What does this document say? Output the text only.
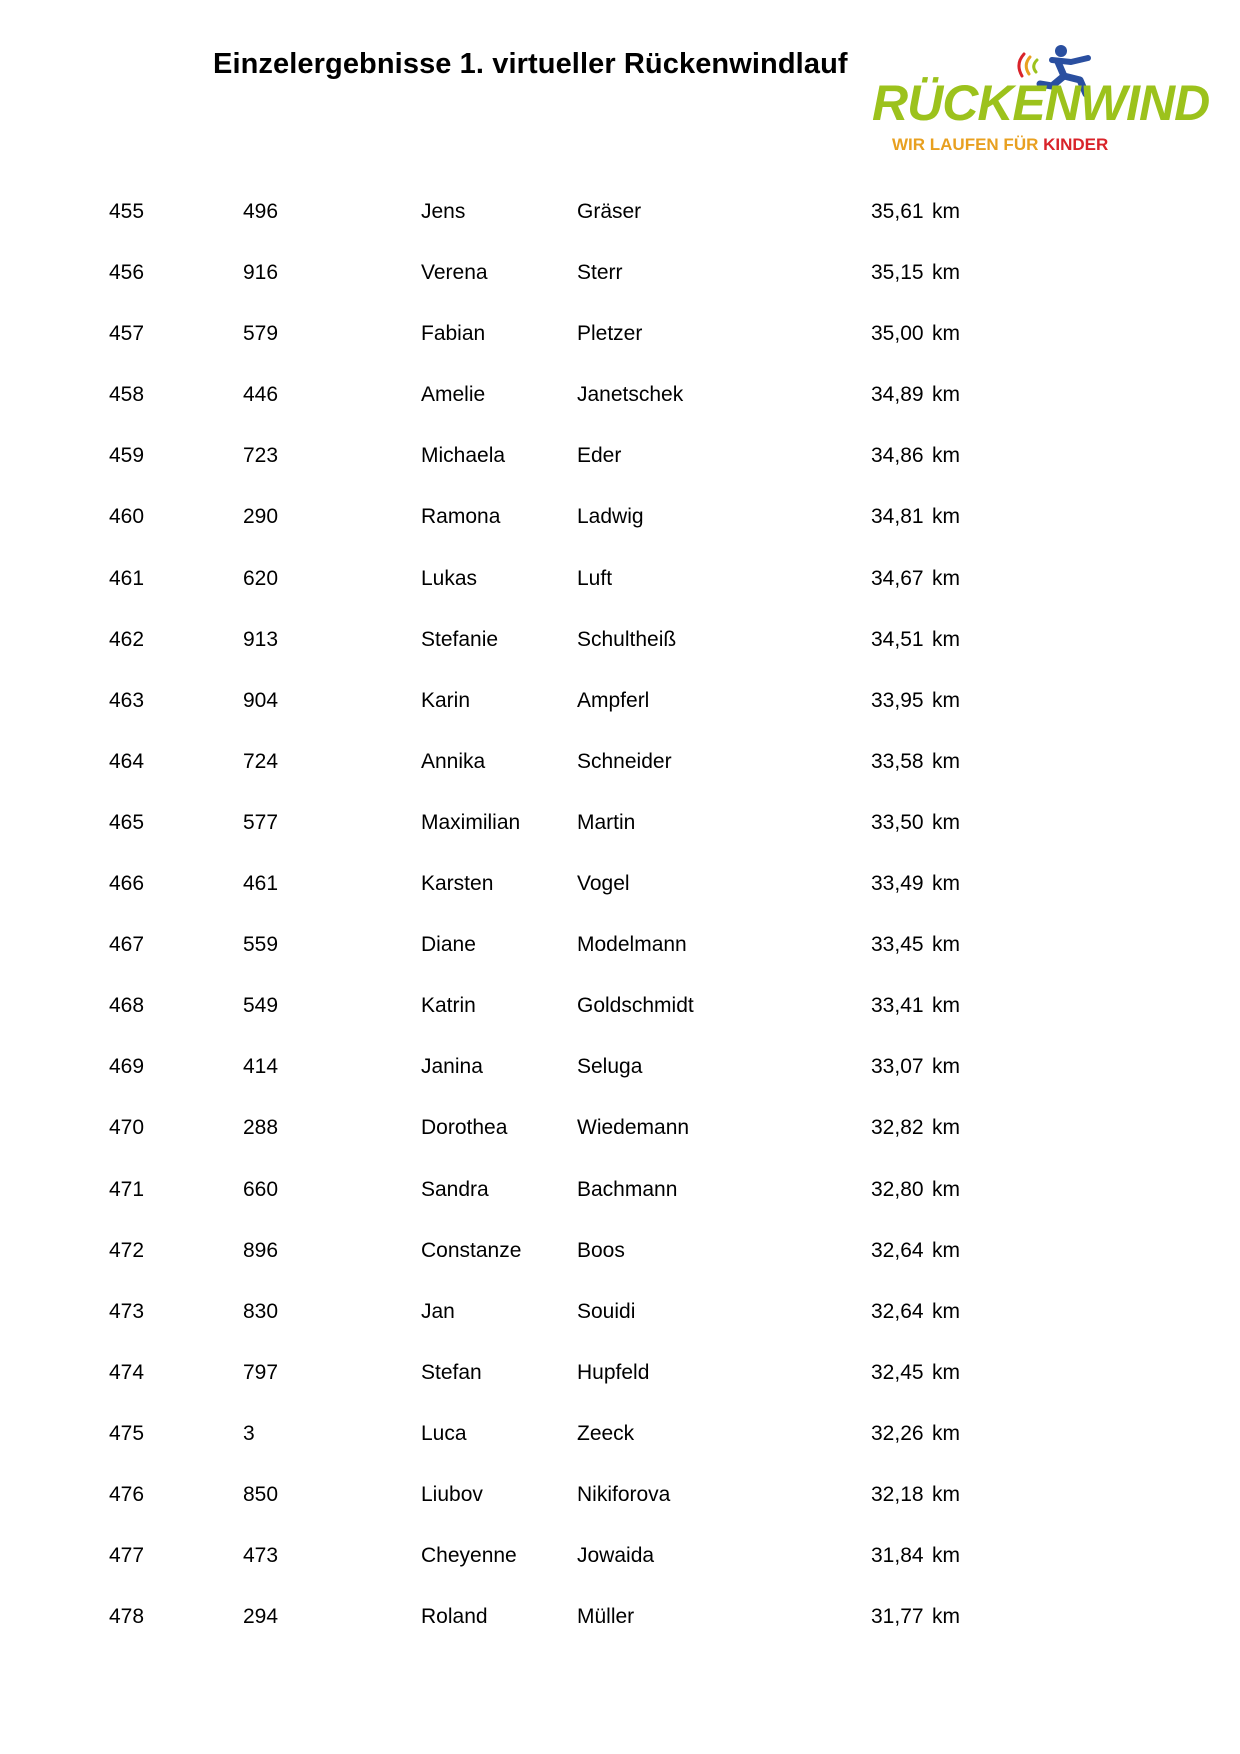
Einzelergebnisse 1. virtueller Rückenwindlauf
RÜCKENWIND
WIR LAUFEN FÜR KINDER
455	496	Jens	Gräser	35,61 km
456	916	Verena	Sterr	35,15 km
457	579	Fabian	Pletzer	35,00 km
458	446	Amelie	Janetschek	34,89 km
459	723	Michaela	Eder	34,86 km
460	290	Ramona	Ladwig	34,81 km
461	620	Lukas	Luft	34,67 km
462	913	Stefanie	Schultheiß	34,51 km
463	904	Karin	Ampferl	33,95 km
464	724	Annika	Schneider	33,58 km
465	577	Maximilian	Martin	33,50 km
466	461	Karsten	Vogel	33,49 km
467	559	Diane	Modelmann	33,45 km
468	549	Katrin	Goldschmidt	33,41 km
469	414	Janina	Seluga	33,07 km
470	288	Dorothea	Wiedemann	32,82 km
471	660	Sandra	Bachmann	32,80 km
472	896	Constanze	Boos	32,64 km
473	830	Jan	Souidi	32,64 km
474	797	Stefan	Hupfeld	32,45 km
475	3	Luca	Zeeck	32,26 km
476	850	Liubov	Nikiforova	32,18 km
477	473	Cheyenne	Jowaida	31,84 km
478	294	Roland	Müller	31,77 km
